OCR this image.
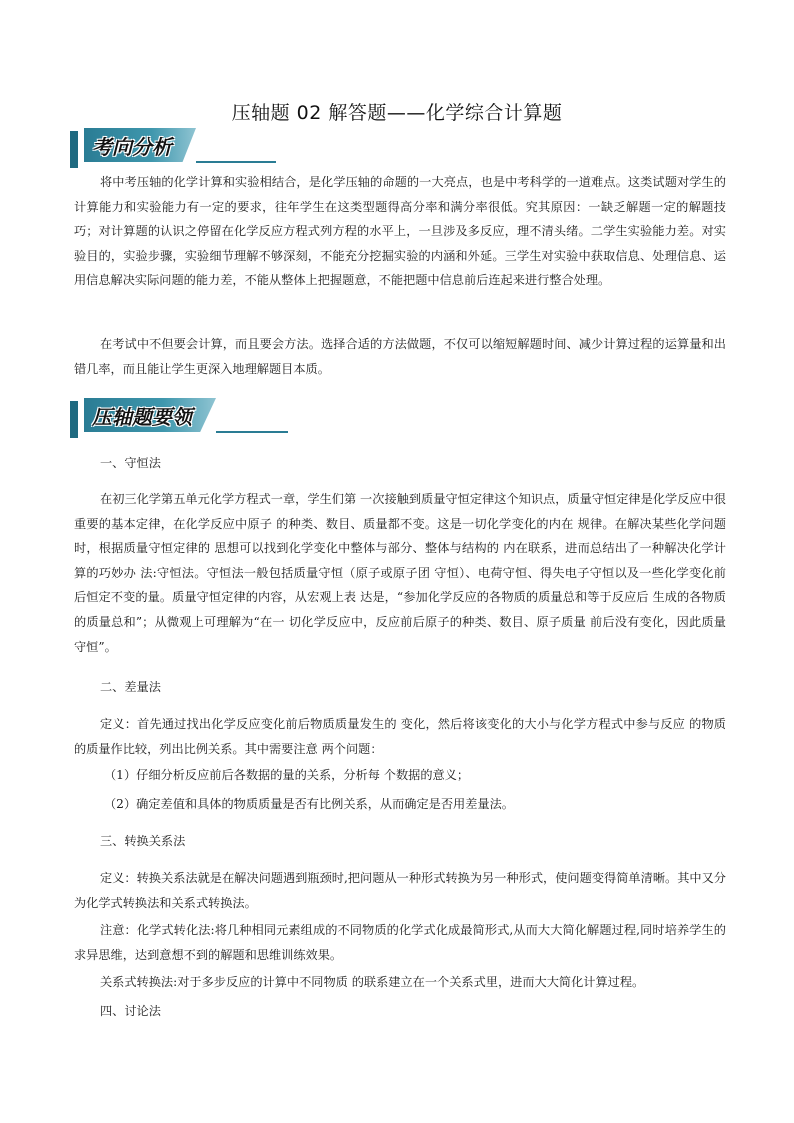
压轴题 02 解答题——化学综合计算题
考向分析

将中考压轴的化学计算和实验相结合，是化学压轴的命题的一大亮点，也是中考科学的一道难点。这类试题对学生的计算能力和实验能力有一定的要求，往年学生在这类型题得高分率和满分率很低。究其原因：一缺乏解题一定的解题技巧；对计算题的认识之停留在化学反应方程式列方程的水平上，一旦涉及多反应，理不清头绪。二学生实验能力差。对实验目的，实验步骤，实验细节理解不够深刻，不能充分挖掘实验的内涵和外延。三学生对实验中获取信息、处理信息、运用信息解决实际问题的能力差，不能从整体上把握题意，不能把题中信息前后连起来进行整合处理。

在考试中不但要会计算，而且要会方法。选择合适的方法做题，不仅可以缩短解题时间、减少计算过程的运算量和出错几率，而且能让学生更深入地理解题目本质。

压轴题要领

一、守恒法

在初三化学第五单元化学方程式一章，学生们第 一次接触到质量守恒定律这个知识点，质量守恒定律是化学反应中很重要的基本定律，在化学反应中原子 的种类、数目、质量都不变。这是一切化学变化的内在 规律。在解决某些化学问题时，根据质量守恒定律的 思想可以找到化学变化中整体与部分、整体与结构的 内在联系，进而总结出了一种解决化学计算的巧妙办 法:守恒法。守恒法一般包括质量守恒（原子或原子团 守恒）、电荷守恒、得失电子守恒以及一些化学变化前 后恒定不变的量。质量守恒定律的内容，从宏观上表 达是，“参加化学反应的各物质的质量总和等于反应后 生成的各物质的质量总和”；从微观上可理解为“在一 切化学反应中，反应前后原子的种类、数目、原子质量 前后没有变化，因此质量守恒”。

二、差量法

定义：首先通过找出化学反应变化前后物质质量发生的 变化，然后将该变化的大小与化学方程式中参与反应 的物质的质量作比较，列出比例关系。其中需要注意 两个问题：

（1）仔细分析反应前后各数据的量的关系，分析每 个数据的意义；

（2）确定差值和具体的物质质量是否有比例关系，从而确定是否用差量法。

三、转换关系法

定义：转换关系法就是在解决问题遇到瓶颈时,把问题从一种形式转换为另一种形式，使问题变得简单清晰。其中又分为化学式转换法和关系式转换法。

注意：化学式转化法:将几种相同元素组成的不同物质的化学式化成最简形式,从而大大简化解题过程,同时培养学生的求异思维，达到意想不到的解题和思维训练效果。

关系式转换法:对于多步反应的计算中不同物质 的联系建立在一个关系式里，进而大大简化计算过程。

四、讨论法
